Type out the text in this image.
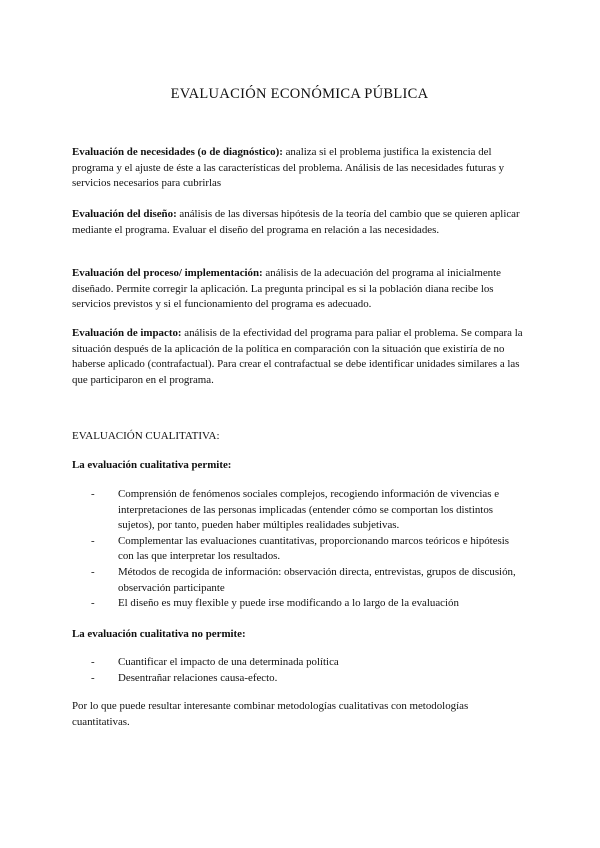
EVALUACIÓN ECONÓMICA PÚBLICA

Evaluación de necesidades (o de diagnóstico): analiza si el problema justifica la existencia del programa y el ajuste de éste a las características del problema. Análisis de las necesidades futuras y servicios necesarios para cubrirlas

Evaluación del diseño: análisis de las diversas hipótesis de la teoría del cambio que se quieren aplicar mediante el programa. Evaluar el diseño del programa en relación a las necesidades.

Evaluación del proceso/ implementación: análisis de la adecuación del programa al inicialmente diseñado. Permite corregir la aplicación. La pregunta principal es si la población diana recibe los servicios previstos y si el funcionamiento del programa es adecuado.

Evaluación de impacto: análisis de la efectividad del programa para paliar el problema. Se compara la situación después de la aplicación de la política en comparación con la situación que existiría de no haberse aplicado (contrafactual). Para crear el contrafactual se debe identificar unidades similares a las que participaron en el programa.

EVALUACIÓN CUALITATIVA:

La evaluación cualitativa permite:

- Comprensión de fenómenos sociales complejos, recogiendo información de vivencias e interpretaciones de las personas implicadas (entender cómo se comportan los distintos sujetos), por tanto, pueden haber múltiples realidades subjetivas.
- Complementar las evaluaciones cuantitativas, proporcionando marcos teóricos e hipótesis con las que interpretar los resultados.
- Métodos de recogida de información: observación directa, entrevistas, grupos de discusión, observación participante
- El diseño es muy flexible y puede irse modificando a lo largo de la evaluación

La evaluación cualitativa no permite:

- Cuantificar el impacto de una determinada política
- Desentrañar relaciones causa-efecto.

Por lo que puede resultar interesante combinar metodologías cualitativas con metodologías cuantitativas.
